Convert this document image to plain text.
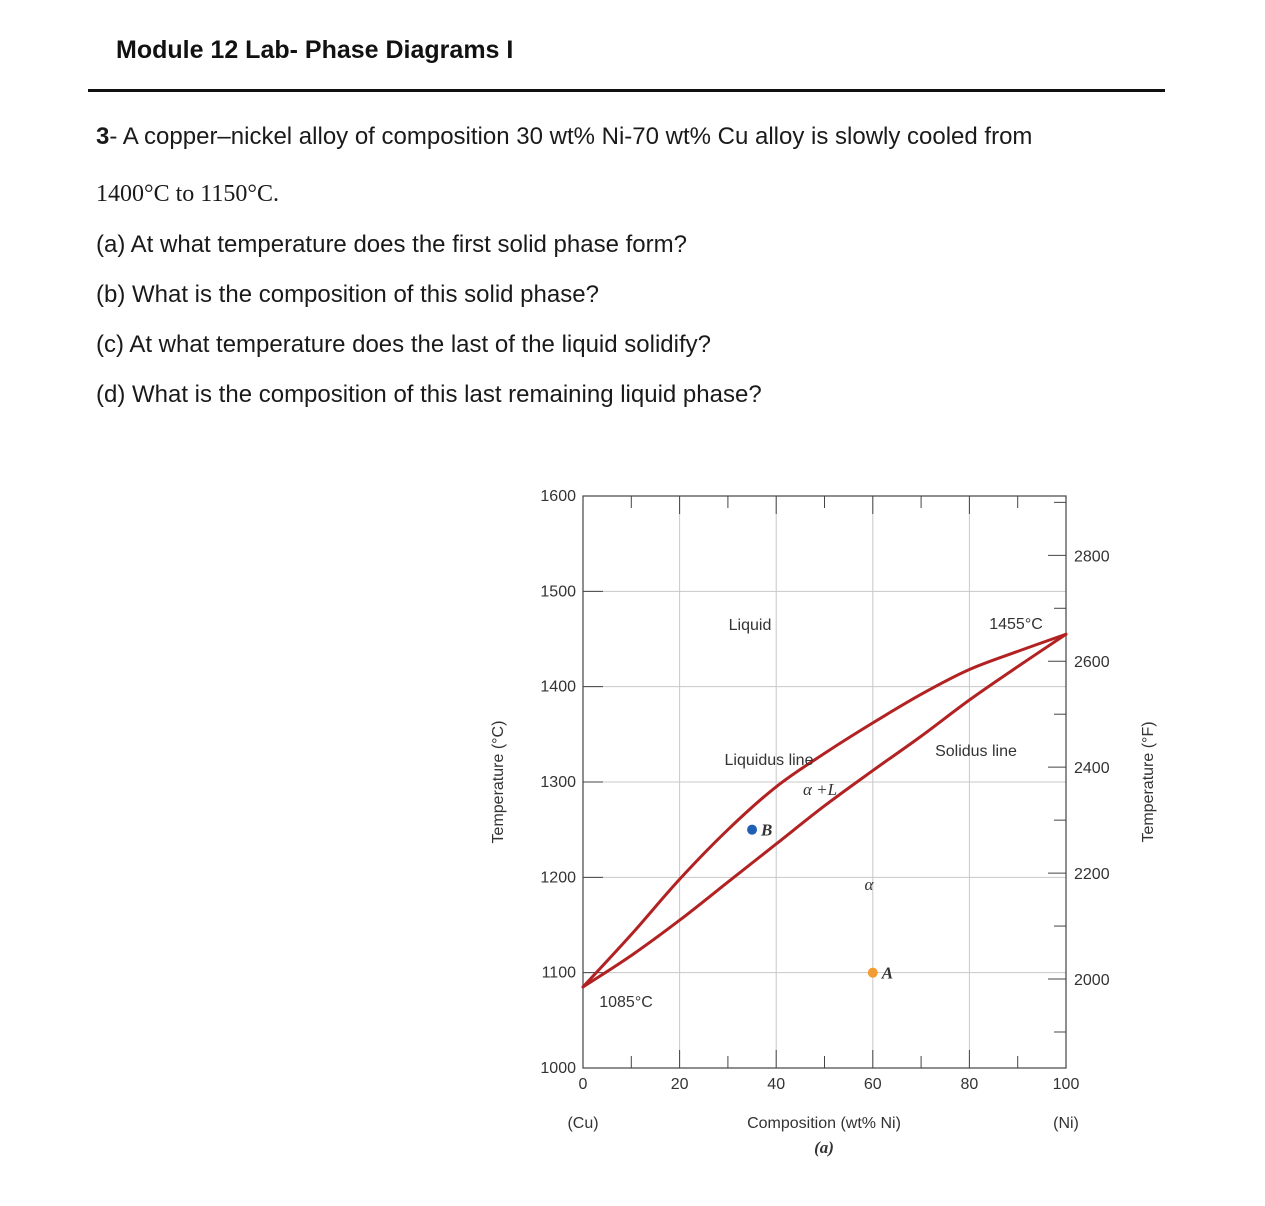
Module 12 Lab- Phase Diagrams I
3- A copper–nickel alloy of composition 30 wt% Ni-70 wt% Cu alloy is slowly cooled from
1400°C to 1150°C.
(a) At what temperature does the first solid phase form?
(b) What is the composition of this solid phase?
(c) At what temperature does the last of the liquid solidify?
(d) What is the composition of this last remaining liquid phase?
0	20	40	60	80	100
1000
1100
1200
1300
1400
1500
1600
2000
2200
2400
2600
2800
B
A
Temperature (°C)	Temperature (°F)
Composition (wt% Ni)
(Cu)	(Ni)
(a)
Liquid
α +L
α
1455°C
1085°C
Liquidus line
Solidus line
